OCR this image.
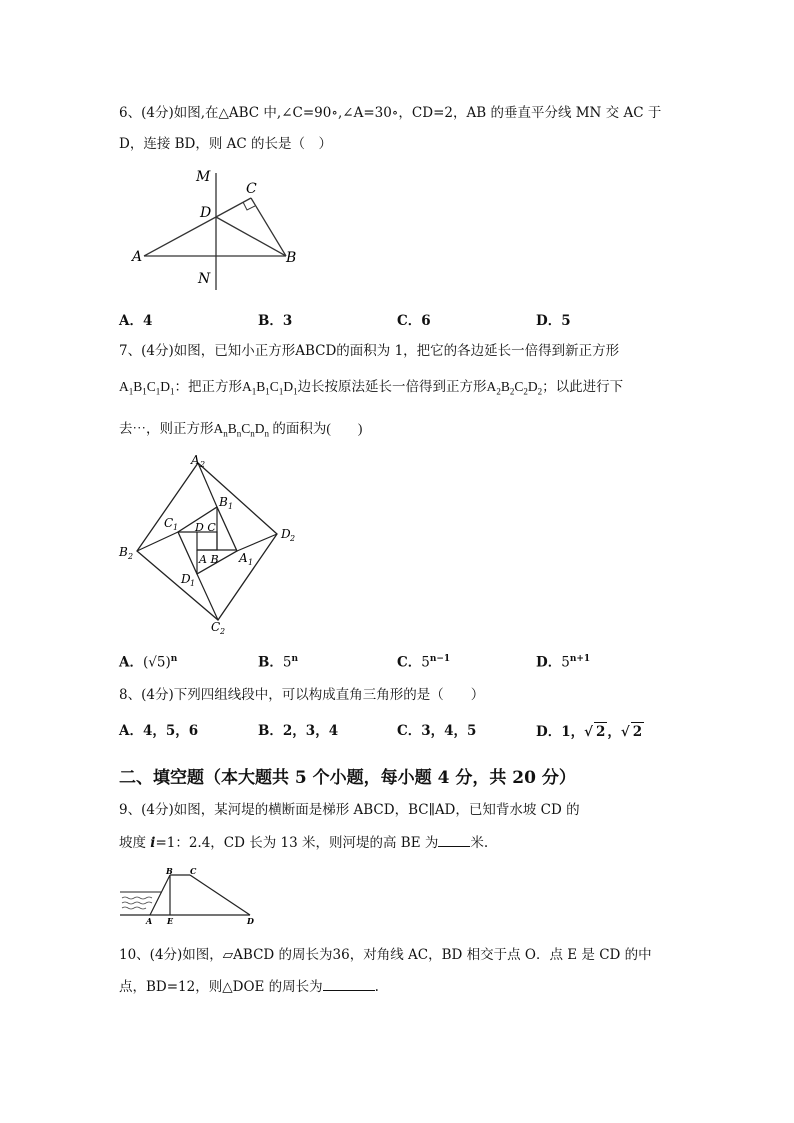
6、(4分)如图,在△ABC 中,∠C=90∘,∠A=30∘，CD=2，AB 的垂直平分线 MN 交 AC 于
D，连接 BD，则 AC 的长是（　）
M
C
D
A	B
N
A．4	B．3	C．6	D．5
7、(4分)如图，已知小正方形ABCD的面积为 1，把它的各边延长一倍得到新正方形
$A_1B_1C_1D_1$：把正方形$A_1B_1C_1D_1$边长按原法延长一倍得到正方形$A_2B_2C_2D_2$；以此进行下
去⋯，则正方形$A_nB_nC_nD_n$ 的面积为(　　)
A 2
B 2
C 2
D 2
B 1
C 1
A 1
D 1
D C
A B
A．$(√5)^n$	B．5$^n$	C．$5^{n-1}$	D．$5^{n+1}$
8、(4分)下列四组线段中，可以构成直角三角形的是（　　）
A．4，5，6	B．2，3，4	C．3，4，5	D．1，√ 2 ，√ 2
二、填空题（本大题共 5 个小题，每小题 4 分，共 20 分）
9、(4分)如图，某河堤的横断面是梯形 ABCD，BC∥AD，已知背水坡 CD 的
坡度 i=1：2.4，CD 长为 13 米，则河堤的高 BE 为 米.
B C
A E	D
10、(4分)如图，▱ABCD 的周长为36，对角线 AC，BD 相交于点 O．点 E 是 CD 的中
点，BD=12，则△DOE 的周长为	.
